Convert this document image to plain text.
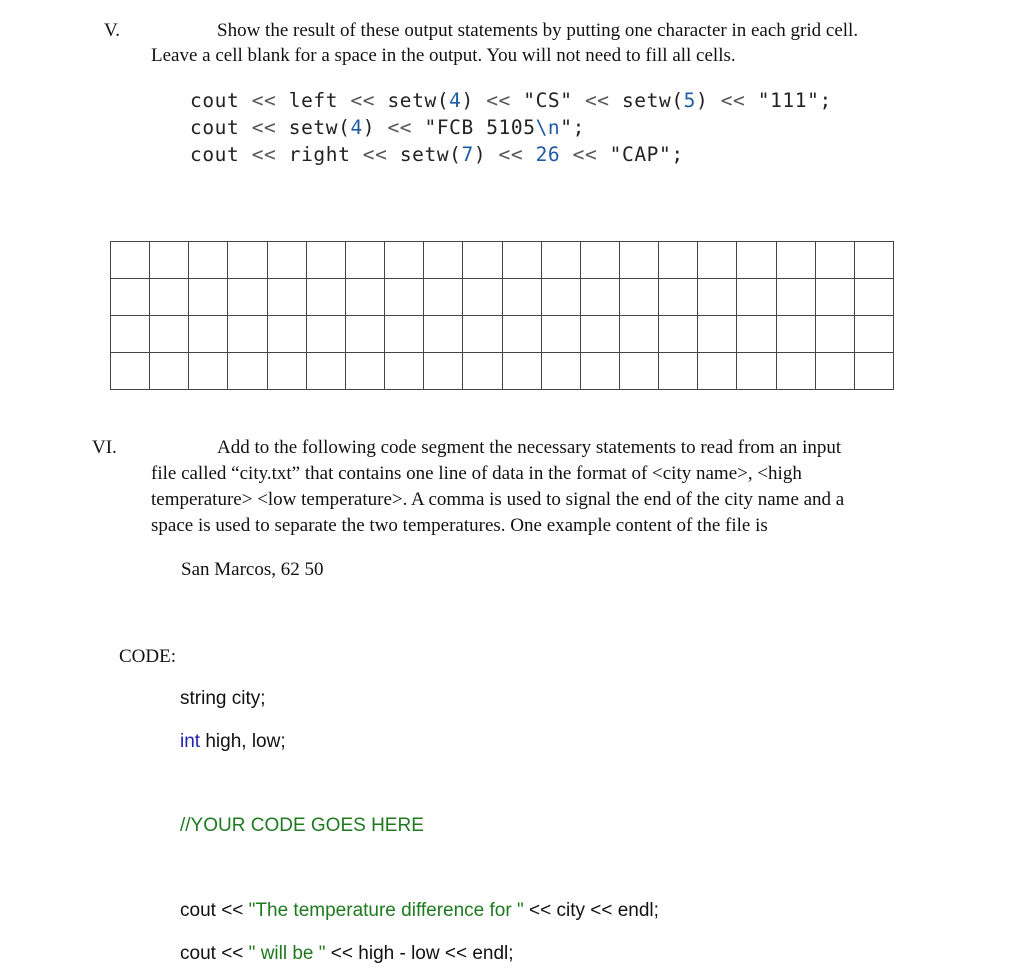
V.	Show the result of these output statements by putting one character in each grid cell.
Leave a cell blank for a space in the output. You will not need to fill all cells.
cout << left << setw(4) << "CS" << setw(5) << "111";
cout << setw(4) << "FCB 5105\n";
cout << right << setw(7) << 26 << "CAP";
VI.	Add to the following code segment the necessary statements to read from an input
file called “city.txt” that contains one line of data in the format of <city name>, <high
temperature> <low temperature>. A comma is used to signal the end of the city name and a
space is used to separate the two temperatures. One example content of the file is
San Marcos, 62 50
CODE:
string city;
int high, low;
//YOUR CODE GOES HERE
cout << "The temperature difference for " << city << endl;
cout << " will be " << high - low << endl;
